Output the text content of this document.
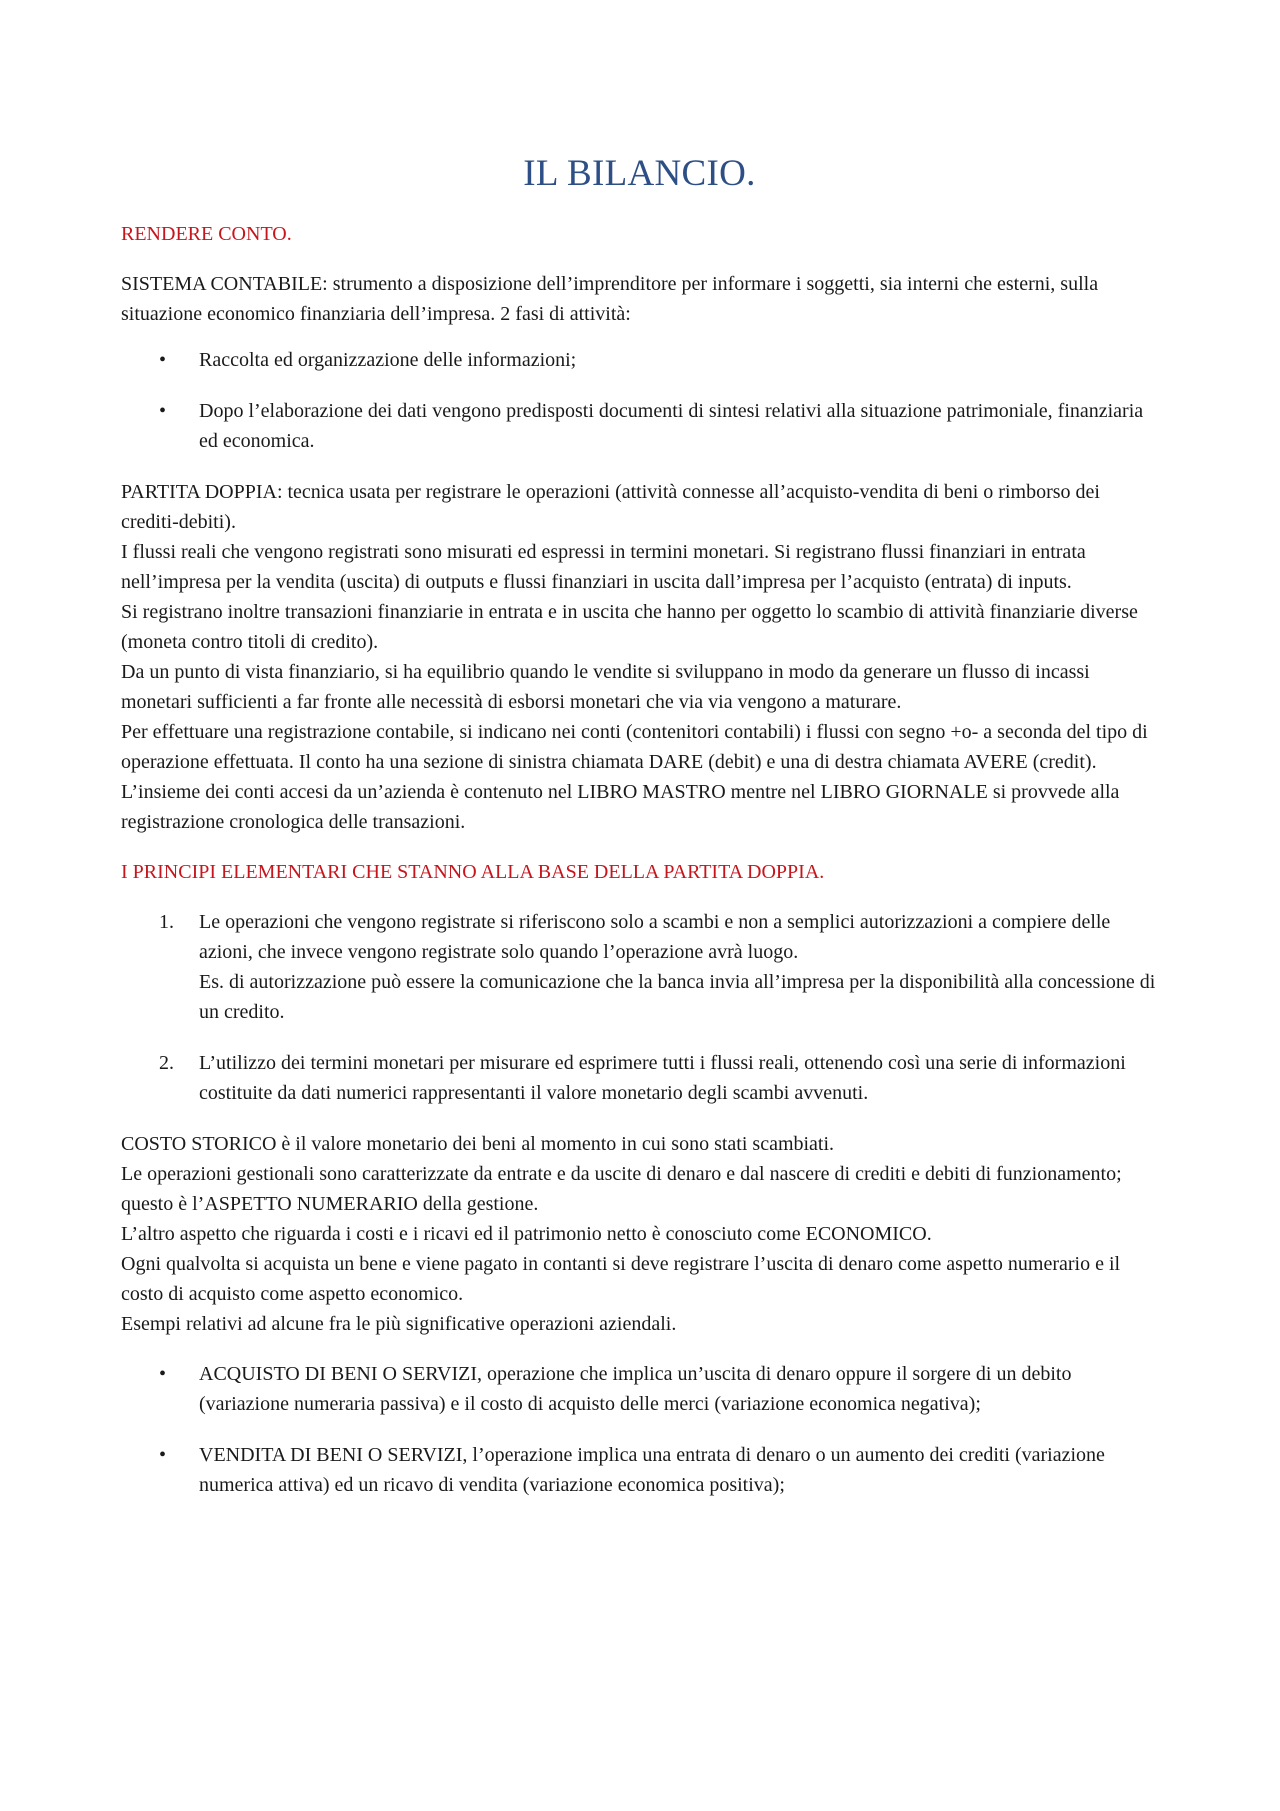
IL BILANCIO.
RENDERE CONTO.

SISTEMA CONTABILE: strumento a disposizione dell’imprenditore per informare i soggetti, sia interni che esterni, sulla situazione economico finanziaria dell’impresa. 2 fasi di attività:

• Raccolta ed organizzazione delle informazioni;
• Dopo l’elaborazione dei dati vengono predisposti documenti di sintesi relativi alla situazione patrimoniale, finanziaria ed economica.

PARTITA DOPPIA: tecnica usata per registrare le operazioni (attività connesse all’acquisto-vendita di beni o rimborso dei crediti-debiti).

I flussi reali che vengono registrati sono misurati ed espressi in termini monetari. Si registrano flussi finanziari in entrata nell’impresa per la vendita (uscita) di outputs e flussi finanziari in uscita dall’impresa per l’acquisto (entrata) di inputs.

Si registrano inoltre transazioni finanziarie in entrata e in uscita che hanno per oggetto lo scambio di attività finanziarie diverse (moneta contro titoli di credito).

Da un punto di vista finanziario, si ha equilibrio quando le vendite si sviluppano in modo da generare un flusso di incassi monetari sufficienti a far fronte alle necessità di esborsi monetari che via via vengono a maturare.

Per effettuare una registrazione contabile, si indicano nei conti (contenitori contabili) i flussi con segno +o- a seconda del tipo di operazione effettuata. Il conto ha una sezione di sinistra chiamata DARE (debit) e una di destra chiamata AVERE (credit).

L’insieme dei conti accesi da un’azienda è contenuto nel LIBRO MASTRO mentre nel LIBRO GIORNALE si provvede alla registrazione cronologica delle transazioni.

I PRINCIPI ELEMENTARI CHE STANNO ALLA BASE DELLA PARTITA DOPPIA.
1. Le operazioni che vengono registrate si riferiscono solo a scambi e non a semplici autorizzazioni a compiere delle azioni, che invece vengono registrate solo quando l’operazione avrà luogo.
Es. di autorizzazione può essere la comunicazione che la banca invia all’impresa per la disponibilità alla concessione di un credito.
2. L’utilizzo dei termini monetari per misurare ed esprimere tutti i flussi reali, ottenendo così una serie di informazioni costituite da dati numerici rappresentanti il valore monetario degli scambi avvenuti.

COSTO STORICO è il valore monetario dei beni al momento in cui sono stati scambiati.

Le operazioni gestionali sono caratterizzate da entrate e da uscite di denaro e dal nascere di crediti e debiti di funzionamento; questo è l’ASPETTO NUMERARIO della gestione.

L’altro aspetto che riguarda i costi e i ricavi ed il patrimonio netto è conosciuto come ECONOMICO.

Ogni qualvolta si acquista un bene e viene pagato in contanti si deve registrare l’uscita di denaro come aspetto numerario e il costo di acquisto come aspetto economico.

Esempi relativi ad alcune fra le più significative operazioni aziendali.

• ACQUISTO DI BENI O SERVIZI, operazione che implica un’uscita di denaro oppure il sorgere di un debito (variazione numeraria passiva) e il costo di acquisto delle merci (variazione economica negativa);
• VENDITA DI BENI O SERVIZI, l’operazione implica una entrata di denaro o un aumento dei crediti (variazione numerica attiva) ed un ricavo di vendita (variazione economica positiva);
